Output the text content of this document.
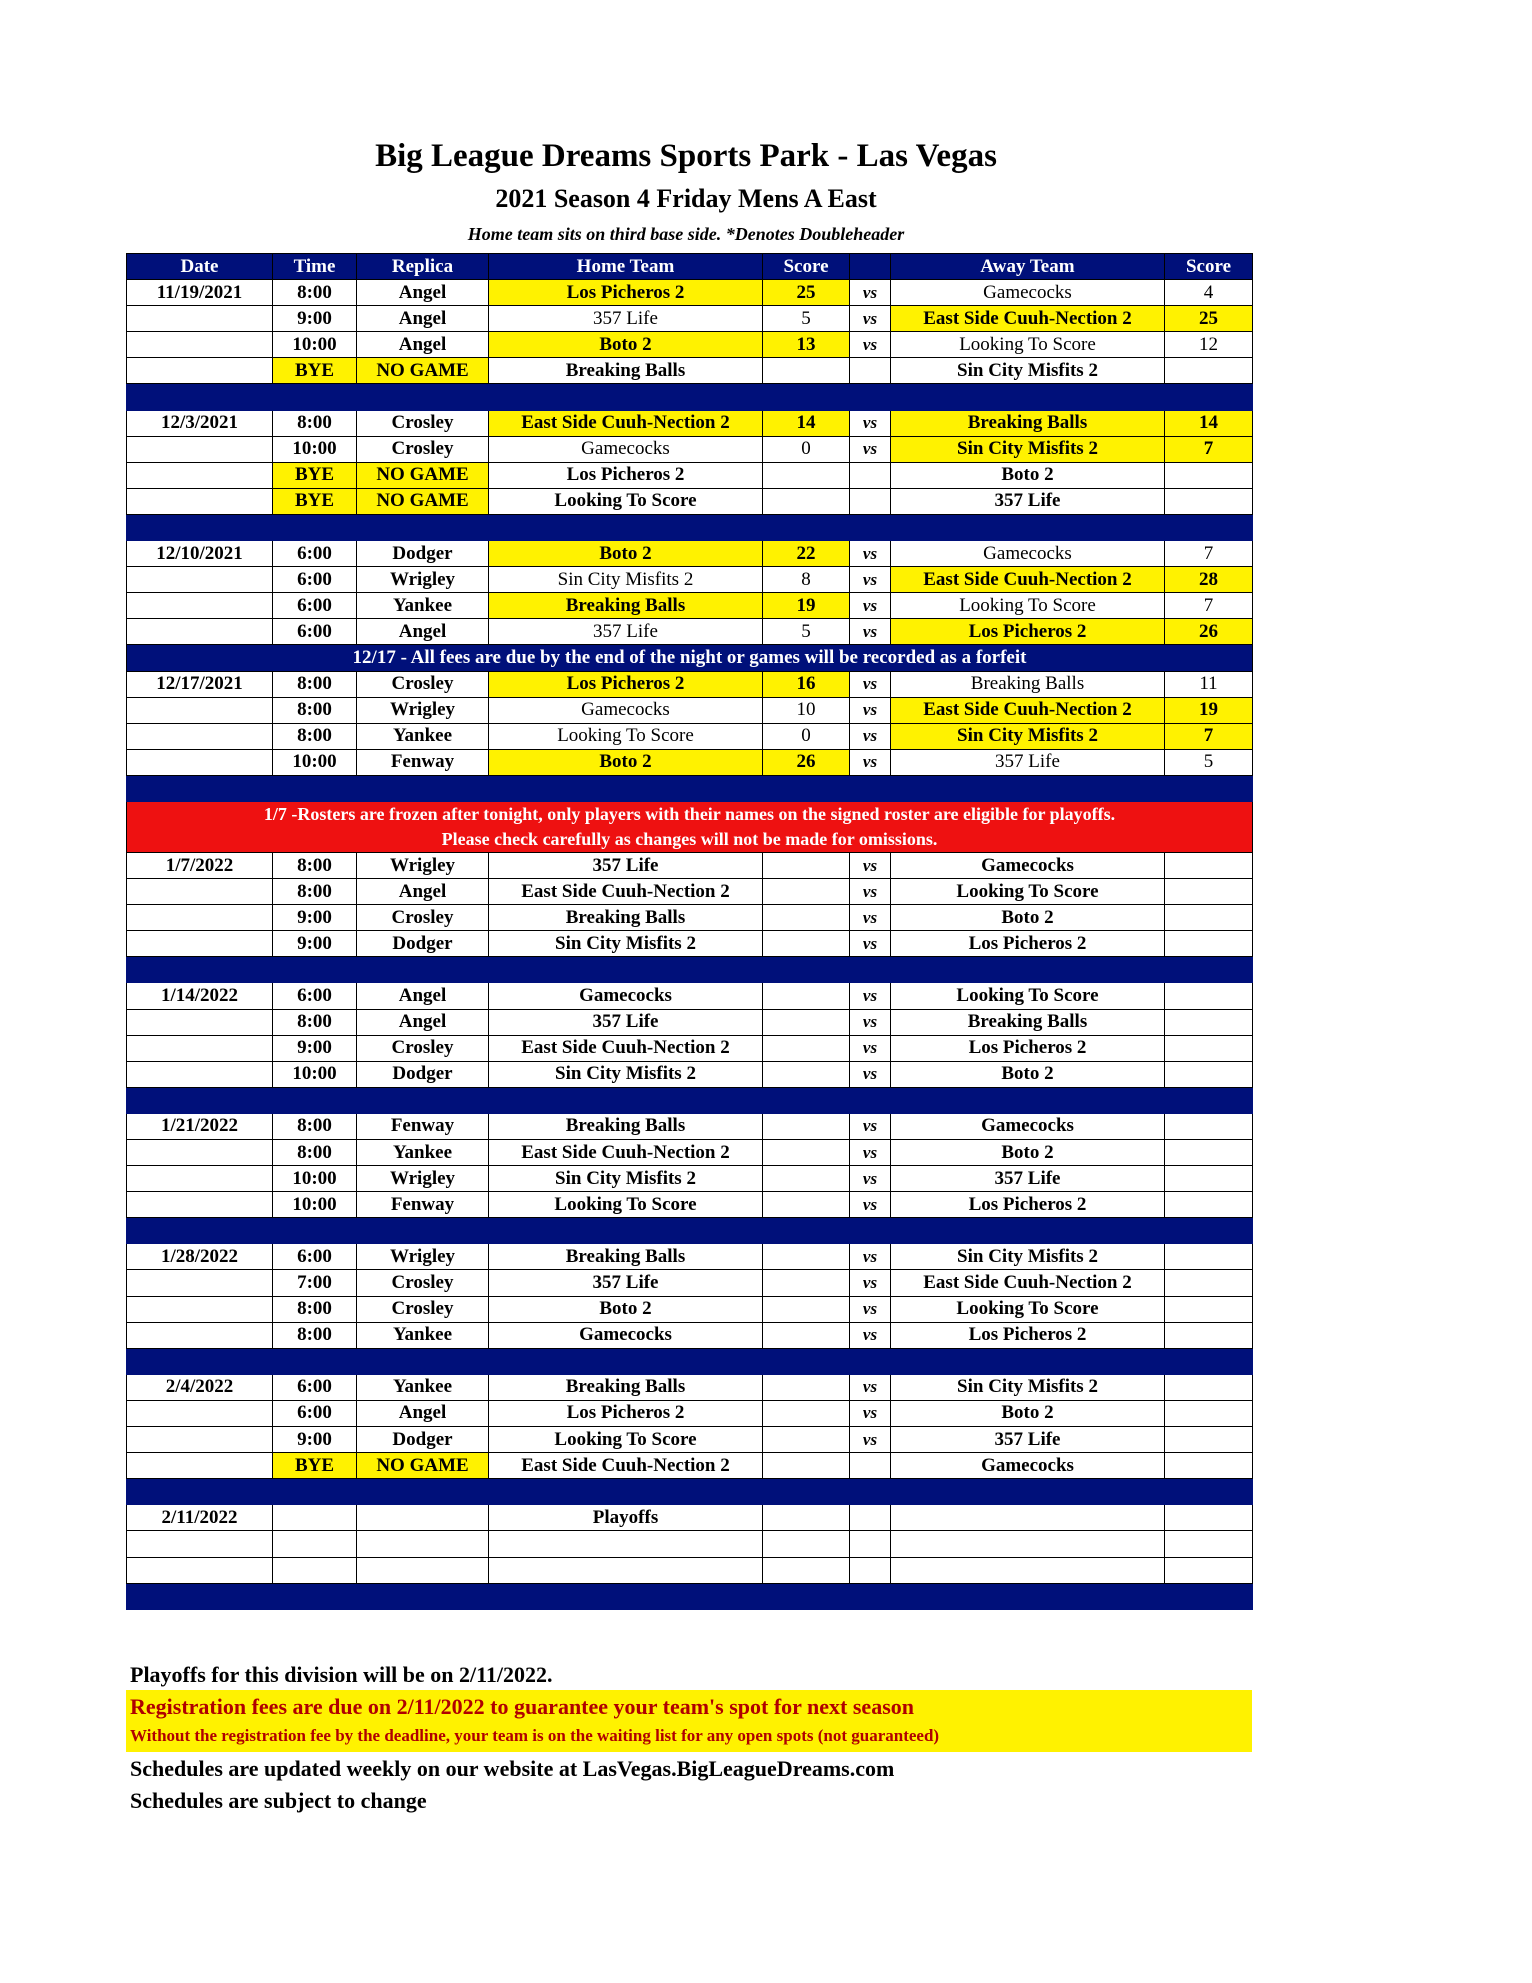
Big League Dreams Sports Park - Las Vegas
2021 Season 4 Friday Mens A East
Home team sits on third base side. *Denotes Doubleheader
Date	Time	Replica	Home Team	Score		Away Team	Score
11/19/2021	8:00	Angel	Los Picheros 2	25	vs	Gamecocks	4
	9:00	Angel	357 Life	5	vs	East Side Cuuh-Nection 2	25
	10:00	Angel	Boto 2	13	vs	Looking To Score	12
	BYE	NO GAME	Breaking Balls			Sin City Misfits 2	

12/3/2021	8:00	Crosley	East Side Cuuh-Nection 2	14	vs	Breaking Balls	14
	10:00	Crosley	Gamecocks	0	vs	Sin City Misfits 2	7
	BYE	NO GAME	Los Picheros 2			Boto 2	
	BYE	NO GAME	Looking To Score			357 Life	

12/10/2021	6:00	Dodger	Boto 2	22	vs	Gamecocks	7
	6:00	Wrigley	Sin City Misfits 2	8	vs	East Side Cuuh-Nection 2	28
	6:00	Yankee	Breaking Balls	19	vs	Looking To Score	7
	6:00	Angel	357 Life	5	vs	Los Picheros 2	26
12/17 - All fees are due by the end of the night or games will be recorded as a forfeit							
12/17/2021	8:00	Crosley	Los Picheros 2	16	vs	Breaking Balls	11
	8:00	Wrigley	Gamecocks	10	vs	East Side Cuuh-Nection 2	19
	8:00	Yankee	Looking To Score	0	vs	Sin City Misfits 2	7
	10:00	Fenway	Boto 2	26	vs	357 Life	5

1/7 -Rosters are frozen after tonight, only players with their names on the signed roster are eligible for playoffs.
Please check carefully as changes will not be made for omissions.							

1/7/2022	8:00	Wrigley	357 Life		vs	Gamecocks	
	8:00	Angel	East Side Cuuh-Nection 2		vs	Looking To Score	
	9:00	Crosley	Breaking Balls		vs	Boto 2	
	9:00	Dodger	Sin City Misfits 2		vs	Los Picheros 2	

1/14/2022	6:00	Angel	Gamecocks		vs	Looking To Score	
	8:00	Angel	357 Life		vs	Breaking Balls	
	9:00	Crosley	East Side Cuuh-Nection 2		vs	Los Picheros 2	
	10:00	Dodger	Sin City Misfits 2		vs	Boto 2	

1/21/2022	8:00	Fenway	Breaking Balls		vs	Gamecocks	
	8:00	Yankee	East Side Cuuh-Nection 2		vs	Boto 2	
	10:00	Wrigley	Sin City Misfits 2		vs	357 Life	
	10:00	Fenway	Looking To Score		vs	Los Picheros 2	

1/28/2022	6:00	Wrigley	Breaking Balls		vs	Sin City Misfits 2	
	7:00	Crosley	357 Life		vs	East Side Cuuh-Nection 2	
	8:00	Crosley	Boto 2		vs	Looking To Score	
	8:00	Yankee	Gamecocks		vs	Los Picheros 2	

2/4/2022	6:00	Yankee	Breaking Balls		vs	Sin City Misfits 2	
	6:00	Angel	Los Picheros 2		vs	Boto 2	
	9:00	Dodger	Looking To Score		vs	357 Life	
	BYE	NO GAME	East Side Cuuh-Nection 2			Gamecocks	

2/11/2022			Playoffs				

Playoffs for this division will be on 2/11/2022.
Registration fees are due on 2/11/2022 to guarantee your team's spot for next season
Without the registration fee by the deadline, your team is on the waiting list for any open spots (not guaranteed)
Schedules are updated weekly on our website at LasVegas.BigLeagueDreams.com
Schedules are subject to change
